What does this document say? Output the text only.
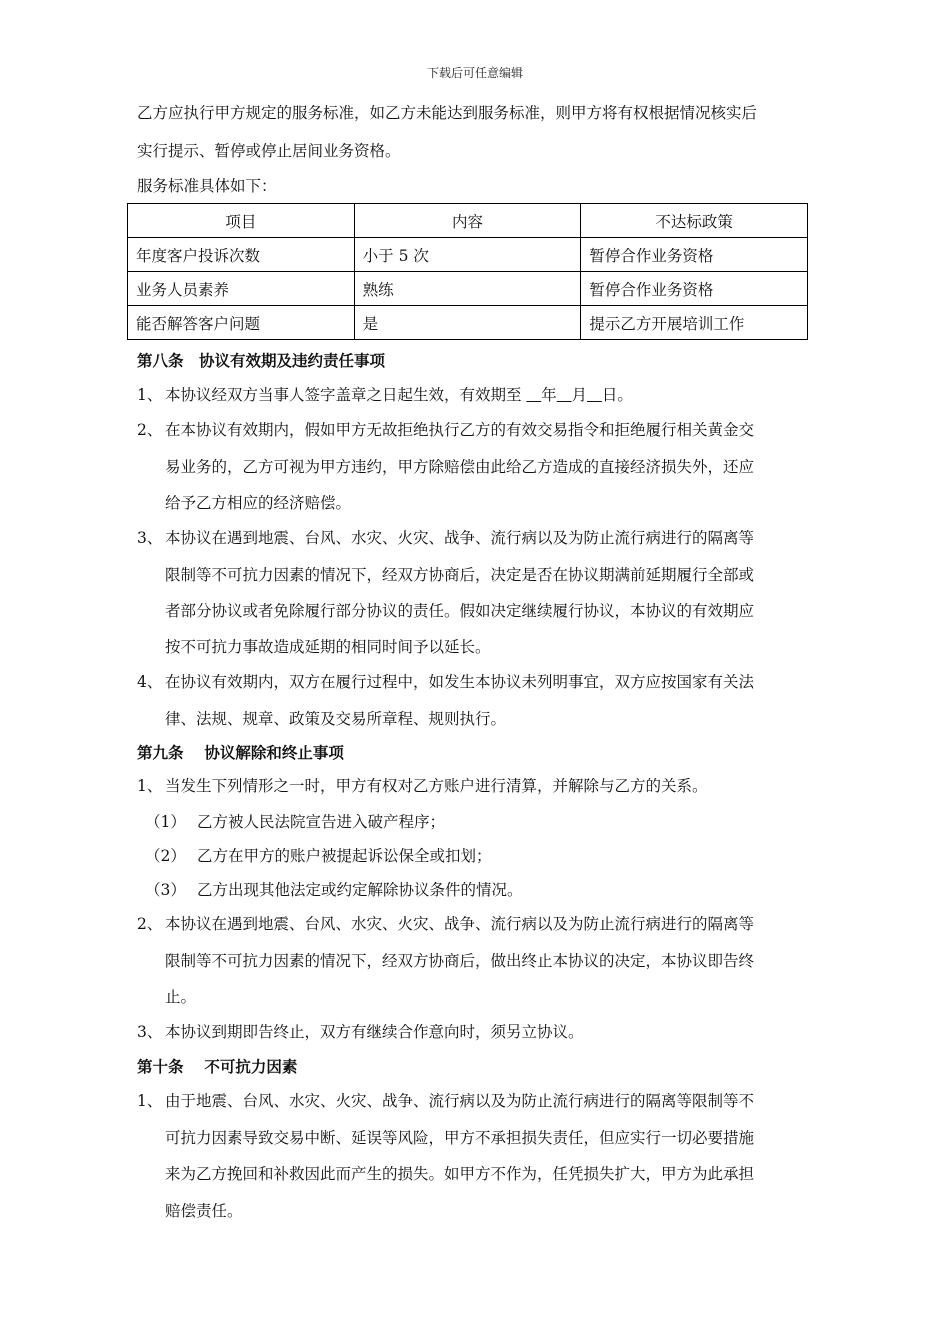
下载后可任意编辑
乙方应执行甲方规定的服务标准，如乙方未能达到服务标准，则甲方将有权根据情况核实后
实行提示、暂停或停止居间业务资格。
服务标准具体如下：
项目	内容	不达标政策
年度客户投诉次数	小于 5 次	暂停合作业务资格
业务人员素养	熟练	暂停合作业务资格
能否解答客户问题	是	提示乙方开展培训工作
第八条　协议有效期及违约责任事项
1、 本协议经双方当事人签字盖章之日起生效，有效期至    年 月 日。
2、 在本协议有效期内，假如甲方无故拒绝执行乙方的有效交易指令和拒绝履行相关黄金交
易业务的，乙方可视为甲方违约，甲方除赔偿由此给乙方造成的直接经济损失外，还应
给予乙方相应的经济赔偿。
3、 本协议在遇到地震、台风、水灾、火灾、战争、流行病以及为防止流行病进行的隔离等
限制等不可抗力因素的情况下，经双方协商后，决定是否在协议期满前延期履行全部或
者部分协议或者免除履行部分协议的责任。假如决定继续履行协议，本协议的有效期应
按不可抗力事故造成延期的相同时间予以延长。
4、 在协议有效期内，双方在履行过程中，如发生本协议未列明事宜，双方应按国家有关法
律、法规、规章、政策及交易所章程、规则执行。
第九条　 协议解除和终止事项
1、 当发生下列情形之一时，甲方有权对乙方账户进行清算，并解除与乙方的关系。
（1） 乙方被人民法院宣告进入破产程序；
（2） 乙方在甲方的账户被提起诉讼保全或扣划；
（3） 乙方出现其他法定或约定解除协议条件的情况。
2、 本协议在遇到地震、台风、水灾、火灾、战争、流行病以及为防止流行病进行的隔离等
限制等不可抗力因素的情况下，经双方协商后，做出终止本协议的决定，本协议即告终
止。
3、 本协议到期即告终止，双方有继续合作意向时，须另立协议。
第十条　 不可抗力因素
1、 由于地震、台风、水灾、火灾、战争、流行病以及为防止流行病进行的隔离等限制等不
可抗力因素导致交易中断、延误等风险，甲方不承担损失责任，但应实行一切必要措施
来为乙方挽回和补救因此而产生的损失。如甲方不作为，任凭损失扩大，甲方为此承担
赔偿责任。
